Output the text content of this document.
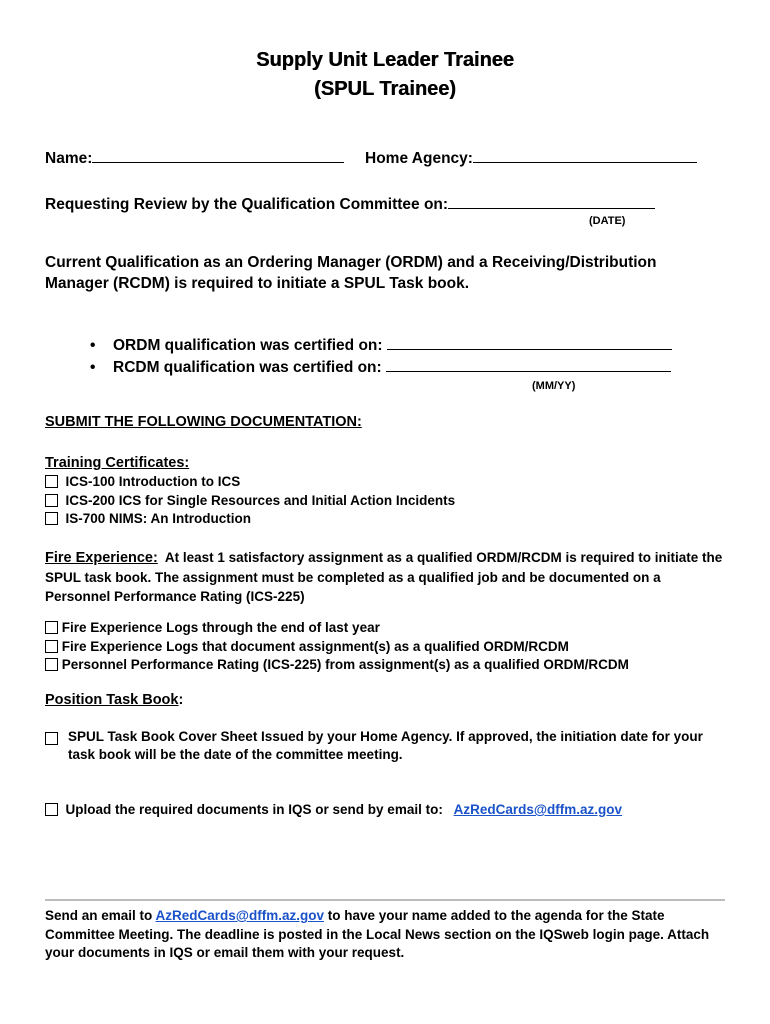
Supply Unit Leader Trainee
(SPUL Trainee)
Name:	Home Agency:
Requesting Review by the Qualification Committee on:
(DATE)
Current Qualification as an Ordering Manager (ORDM) and a Receiving/Distribution Manager (RCDM) is required to initiate a SPUL Task book.
• ORDM qualification was certified on:
• RCDM qualification was certified on:
(MM/YY)
SUBMIT THE FOLLOWING DOCUMENTATION:
Training Certificates:
ICS-100 Introduction to ICS
ICS-200 ICS for Single Resources and Initial Action Incidents
IS-700 NIMS: An Introduction
Fire Experience: At least 1 satisfactory assignment as a qualified ORDM/RCDM is required to initiate the SPUL task book. The assignment must be completed as a qualified job and be documented on a Personnel Performance Rating (ICS-225)
Fire Experience Logs through the end of last year
Fire Experience Logs that document assignment(s) as a qualified ORDM/RCDM
Personnel Performance Rating (ICS-225) from assignment(s) as a qualified ORDM/RCDM
Position Task Book:
SPUL Task Book Cover Sheet Issued by your Home Agency. If approved, the initiation date for your task book will be the date of the committee meeting.
Upload the required documents in IQS or send by email to: AzRedCards@dffm.az.gov
Send an email to AzRedCards@dffm.az.gov to have your name added to the agenda for the State Committee Meeting. The deadline is posted in the Local News section on the IQSweb login page. Attach your documents in IQS or email them with your request.
